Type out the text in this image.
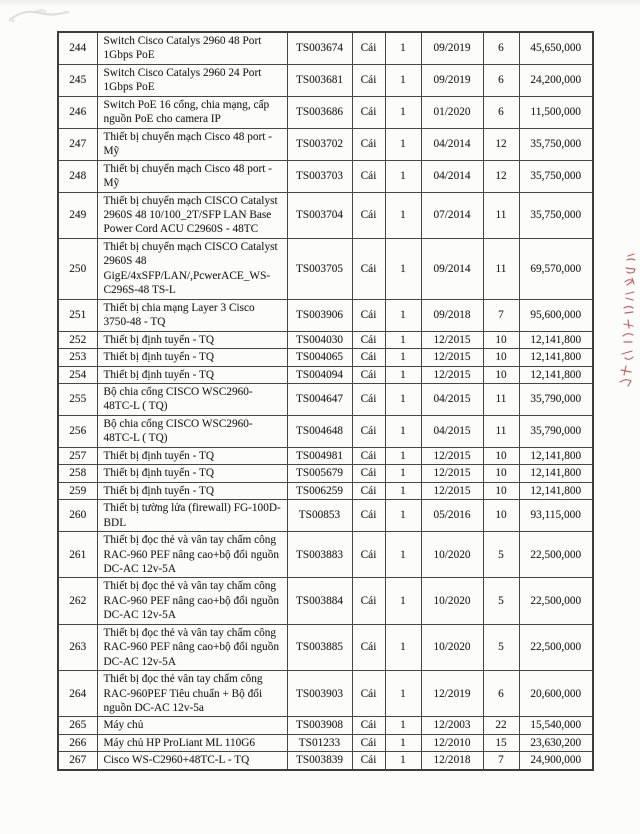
244	Switch Cisco Catalys 2960 48 Port 1Gbps PoE	TS003674	Cái	1	09/2019	6	45,650,000
245	Switch Cisco Catalys 2960 24 Port 1Gbps PoE	TS003681	Cái	1	09/2019	6	24,200,000
246	Switch PoE 16 cổng, chia mạng, cấp nguồn PoE cho camera IP	TS003686	Cái	1	01/2020	6	11,500,000
247	Thiết bị chuyển mạch Cisco 48 port - Mỹ	TS003702	Cái	1	04/2014	12	35,750,000
248	Thiết bị chuyển mạch Cisco 48 port - Mỹ	TS003703	Cái	1	04/2014	12	35,750,000
249	Thiết bị chuyển mạch CISCO Catalyst 2960S 48 10/100_2T/SFP LAN Base Power Cord ACU C2960S - 48TC	TS003704	Cái	1	07/2014	11	35,750,000
250	Thiết bị chuyển mạch CISCO Catalyst 2960S 48 GigE/4xSFP/LAN/,PcwerACE_WS-C296S-48 TS-L	TS003705	Cái	1	09/2014	11	69,570,000
251	Thiết bị chia mạng Layer 3 Cisco 3750-48 - TQ	TS003906	Cái	1	09/2018	7	95,600,000
252	Thiết bị định tuyến - TQ	TS004030	Cái	1	12/2015	10	12,141,800
253	Thiết bị định tuyến - TQ	TS004065	Cái	1	12/2015	10	12,141,800
254	Thiết bị định tuyến - TQ	TS004094	Cái	1	12/2015	10	12,141,800
255	Bộ chia cổng CISCO WSC2960-48TC-L ( TQ)	TS004647	Cái	1	04/2015	11	35,790,000
256	Bộ chia cổng CISCO WSC2960-48TC-L ( TQ)	TS004648	Cái	1	04/2015	11	35,790,000
257	Thiết bị định tuyến - TQ	TS004981	Cái	1	12/2015	10	12,141,800
258	Thiết bị định tuyến - TQ	TS005679	Cái	1	12/2015	10	12,141,800
259	Thiết bị định tuyến - TQ	TS006259	Cái	1	12/2015	10	12,141,800
260	Thiết bị tường lửa (firewall) FG-100D-BDL	TS00853	Cái	1	05/2016	10	93,115,000
261	Thiết bị đọc thẻ và vân tay chấm công RAC-960 PEF nâng cao+bộ đổi nguồn DC-AC 12v-5A	TS003883	Cái	1	10/2020	5	22,500,000
262	Thiết bị đọc thẻ và vân tay chấm công RAC-960 PEF nâng cao+bộ đổi nguồn DC-AC 12v-5A	TS003884	Cái	1	10/2020	5	22,500,000
263	Thiết bị đọc thẻ và vân tay chấm công RAC-960 PEF nâng cao+bộ đổi nguồn DC-AC 12v-5A	TS003885	Cái	1	10/2020	5	22,500,000
264	Thiết bị đọc thẻ vân tay chấm công RAC-960PEF Tiêu chuẩn + Bộ đổi nguồn DC-AC 12v-5a	TS003903	Cái	1	12/2019	6	20,600,000
265	Máy chủ	TS003908	Cái	1	12/2003	22	15,540,000
266	Máy chủ HP ProLiant ML 110G6	TS01233	Cái	1	12/2010	15	23,630,200
267	Cisco WS-C2960+48TC-L - TQ	TS003839	Cái	1	12/2018	7	24,900,000
